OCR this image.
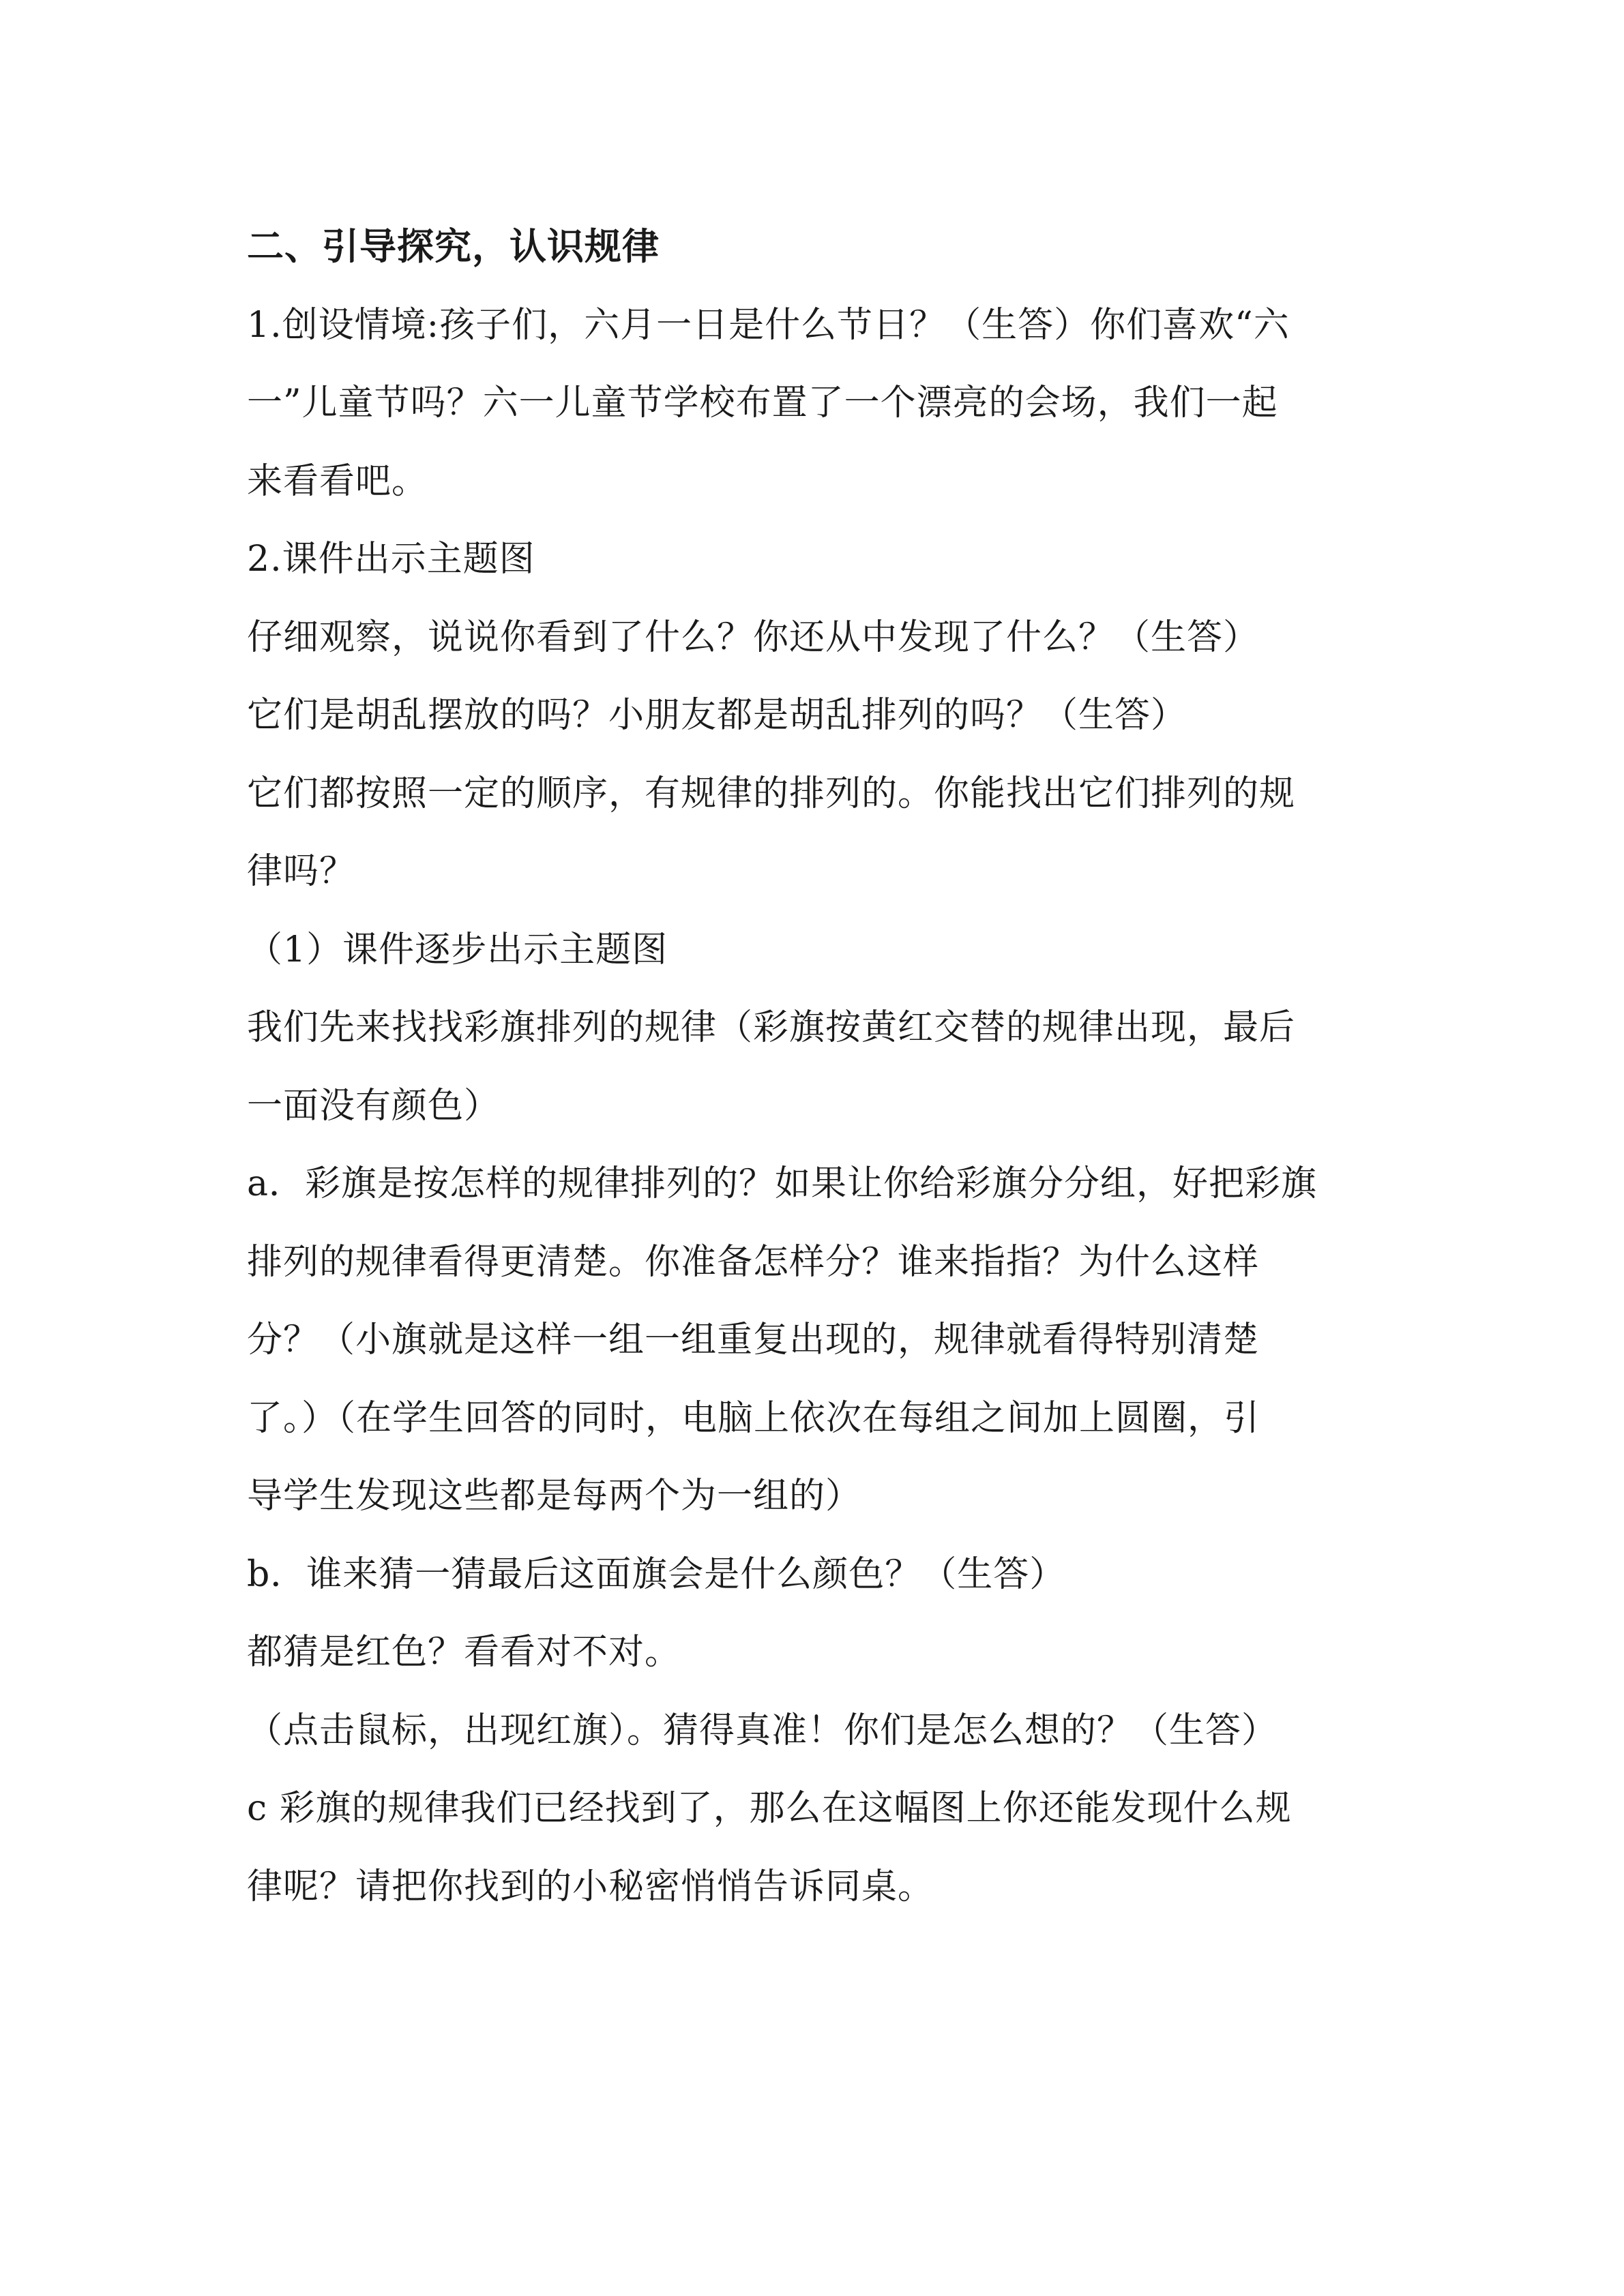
二、引导探究，认识规律
1.创设情境:孩子们，六月一日是什么节日？（生答）你们喜欢“六
一”儿童节吗？六一儿童节学校布置了一个漂亮的会场，我们一起
来看看吧。
2.课件出示主题图
仔细观察，说说你看到了什么？你还从中发现了什么？（生答）
它们是胡乱摆放的吗？小朋友都是胡乱排列的吗？（生答）
它们都按照一定的顺序，有规律的排列的。你能找出它们排列的规
律吗？
（1）课件逐步出示主题图
我们先来找找彩旗排列的规律（彩旗按黄红交替的规律出现，最后
一面没有颜色）
a．彩旗是按怎样的规律排列的？如果让你给彩旗分分组，好把彩旗
排列的规律看得更清楚。你准备怎样分？谁来指指？为什么这样
分？（小旗就是这样一组一组重复出现的，规律就看得特别清楚
了。）（在学生回答的同时，电脑上依次在每组之间加上圆圈，引
导学生发现这些都是每两个为一组的）
b．谁来猜一猜最后这面旗会是什么颜色？（生答）
都猜是红色？看看对不对。
（点击鼠标，出现红旗）。猜得真准！你们是怎么想的？（生答）
c 彩旗的规律我们已经找到了，那么在这幅图上你还能发现什么规
律呢？请把你找到的小秘密悄悄告诉同桌。
